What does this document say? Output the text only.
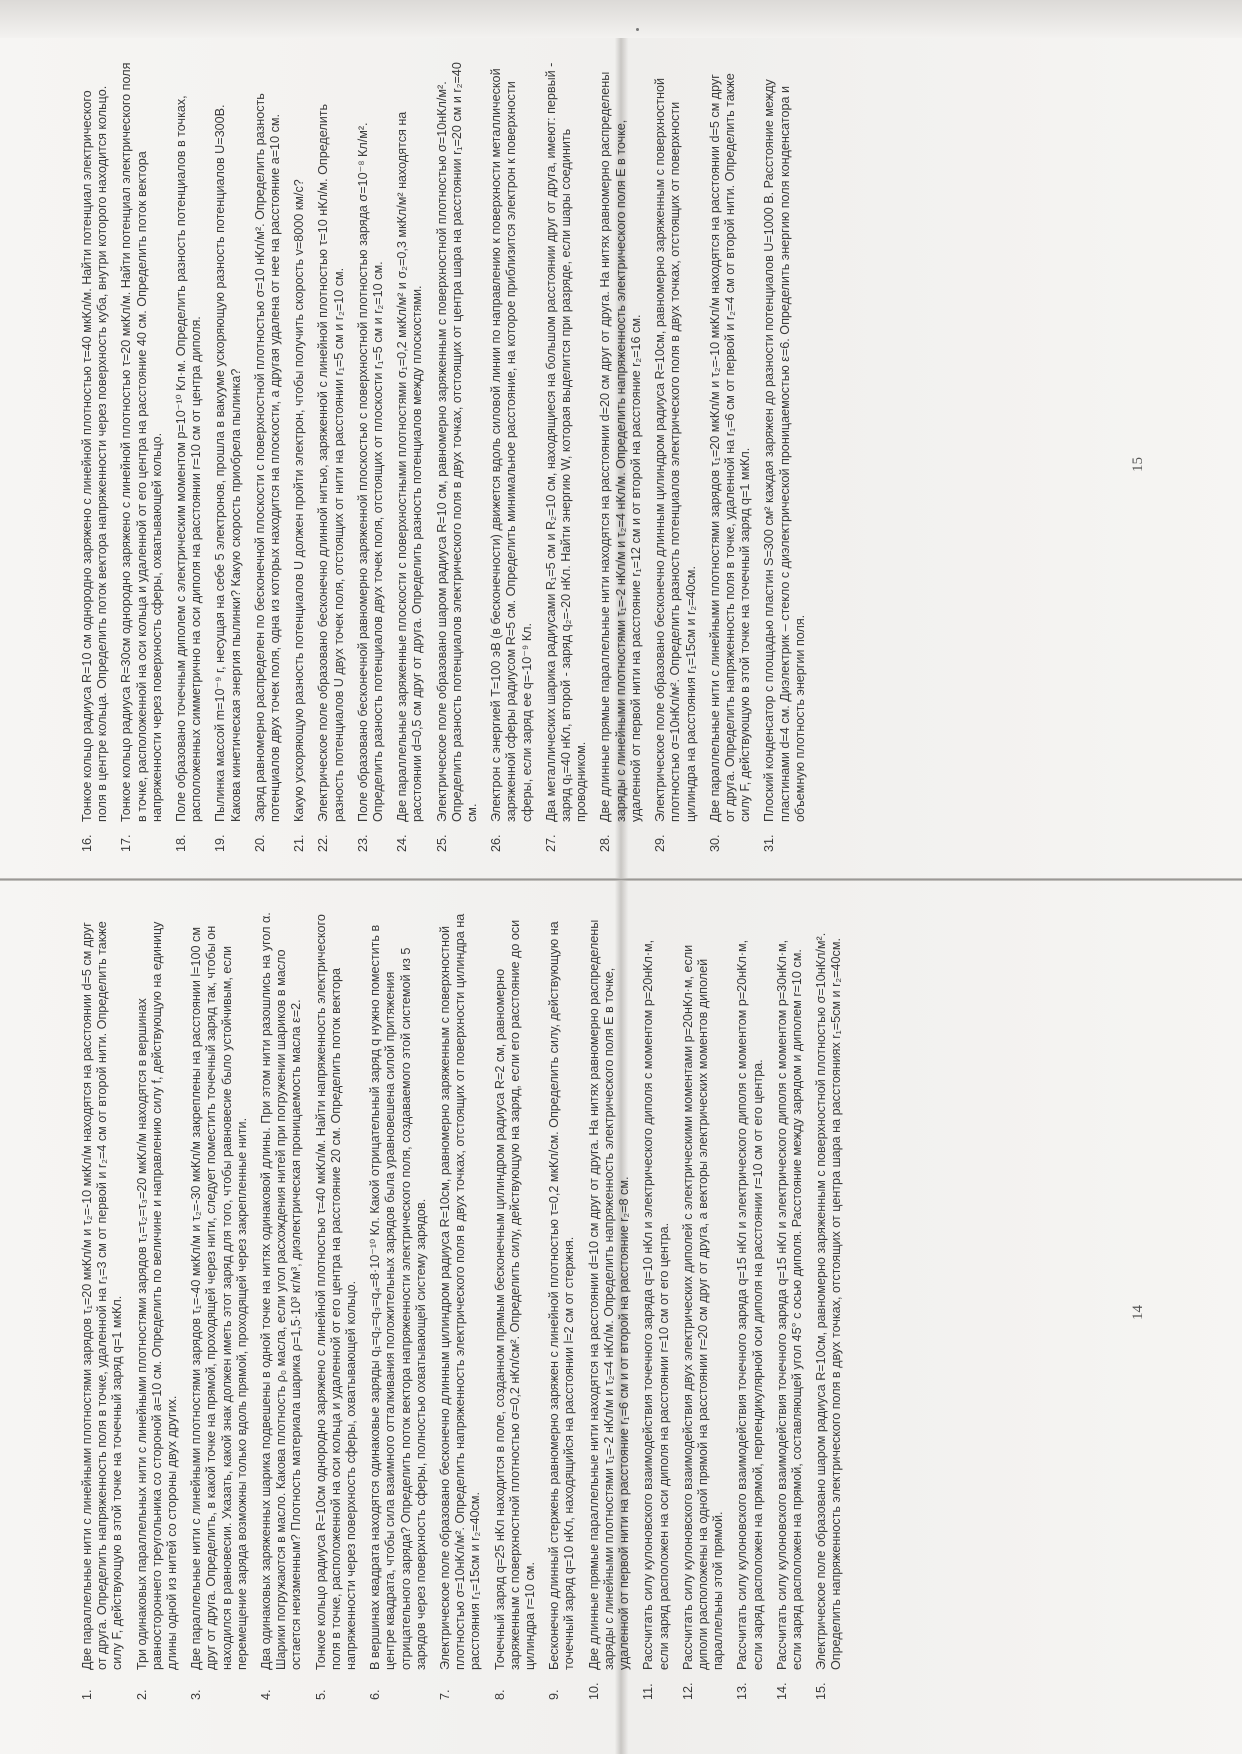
1.
Две параллельные нити с линейными плотностями зарядов τ₁=20 мкКл/м и τ₂=-10 мкКл/м находятся на расстоянии d=5 см друг от друга. Определить напряженность поля в точке, удаленной на r₁=3 см от первой и r₂=4 см от второй нити. Определить также силу F, действующую в этой точке на точечный заряд q=1 мкКл.
2.
Три одинаковых параллельных нити с линейными плотностями зарядов τ₁=τ₂=τ₃=20 мкКл/м находятся в вершинах равностороннего треугольника со стороной a=10 см. Определить по величине и направлению силу f, действующую на единицу длины одной из нитей со стороны двух других.
3.
Две параллельные нити с линейными плотностями зарядов τ₁=-40 мкКл/м и τ₂=-30 мкКл/м закреплены на расстоянии l=100 см друг от друга. Определить, в какой точке на прямой, проходящей через нити, следует поместить точечный заряд так, чтобы он находился в равновесии. Указать, какой знак должен иметь этот заряд для того, чтобы равновесие было устойчивым, если перемещение заряда возможны только вдоль прямой, проходящей через закрепленные нити.
4.
Два одинаковых заряженных шарика подвешены в одной точке на нитях одинаковой длины. При этом нити разошлись на угол α. Шарики погружаются в масло. Какова плотность ρ₀ масла, если угол расхождения нитей при погружении шариков в масло остается неизменным? Плотность материала шарика ρ=1,5·10³ кг/м³, диэлектрическая проницаемость масла ε=2.
5.
Тонкое кольцо радиуса R=10см однородно заряжено с линейной плотностью τ=40 мкКл/м. Найти напряженность электрического поля в точке, расположенной на оси кольца и удаленной от его центра на расстояние 20 см. Определить поток вектора напряженности через поверхность сферы, охватывающей кольцо.
6.
В вершинах квадрата находятся одинаковые заряды q₁=q₂=q₃=q₄=8·10⁻¹⁰ Кл. Какой отрицательный заряд q нужно поместить в центре квадрата, чтобы сила взаимного отталкивания положительных зарядов была уравновешена силой притяжения отрицательного заряда? Определить поток вектора напряженности электрического поля, создаваемого этой системой из 5 зарядов через поверхность сферы, полностью охватывающей систему зарядов.
7.
Электрическое поле образовано бесконечно длинным цилиндром радиуса R=10см, равномерно заряженным с поверхностной плотностью σ=10нКл/м². Определить напряженность электрического поля в двух точках, отстоящих от поверхности цилиндра на расстояния r₁=15см и r₂=40см.
8.
Точечный заряд q=25 нКл находится в поле, созданном прямым бесконечным цилиндром радиуса R=2 см, равномерно заряженным с поверхностной плотностью σ=0,2 нКл/см². Определить силу, действующую на заряд, если его расстояние до оси цилиндра r=10 см.
9.
Бесконечно длинный стержень равномерно заряжен с линейной плотностью τ=0,2 мкКл/см. Определить силу, действующую на точечный заряд q=10 нКл, находящийся на расстоянии l=2 см от стержня.
10.
Две длинные прямые параллельные нити находятся на расстоянии d=10 см друг от друга. На нитях равномерно распределены заряды с линейными плотностями τ₁=-2 нКл/м и τ₂=4 нКл/м. Определить напряженность электрического поля E в точке, удаленной от первой нити на расстояние r₁=6 см и от второй на расстояние r₂=8 см.
11.
Рассчитать силу кулоновского взаимодействия точечного заряда q=10 нКл и электрического диполя с моментом p=20нКл·м, если заряд расположен на оси диполя на расстоянии r=10 см от его центра.
12.
Рассчитать силу кулоновского взаимодействия двух электрических диполей с электрическими моментами p=20нКл·м, если диполи расположены на одной прямой на расстоянии r=20 см друг от друга, а векторы электрических моментов диполей параллельны этой прямой.
13.
Рассчитать силу кулоновского взаимодействия точечного заряда q=15 нКл и электрического диполя с моментом p=20нКл·м, если заряд расположен на прямой, перпендикулярной оси диполя на расстоянии r=10 см от его центра.
14.
Рассчитать силу кулоновского взаимодействия точечного заряда q=15 нКл и электрического диполя с моментом p=30нКл·м, если заряд расположен на прямой, составляющей угол 45° с осью диполя. Расстояние между зарядом и диполем r=10 см.
15.
Электрическое поле образовано шаром радиуса R=10см, равномерно заряженным с поверхностной плотностью σ=10нКл/м². Определить напряженность электрического поля в двух точках, отстоящих от центра шара на расстояниях r₁=5см и r₂=40см.	14
16.
Тонкое кольцо радиуса R=10 см однородно заряжено с линейной плотностью τ=40 мкКл/м. Найти потенциал электрического поля в центре кольца. Определить поток вектора напряженности через поверхность куба, внутри которого находится кольцо.
17.
Тонкое кольцо радиуса R=30см однородно заряжено с линейной плотностью τ=20 мкКл/м. Найти потенциал электрического поля в точке, расположенной на оси кольца и удаленной от его центра на расстояние 40 см. Определить поток вектора напряженности через поверхность сферы, охватывающей кольцо.
18.
Поле образовано точечным диполем с электрическим моментом p=10⁻¹⁰ Кл·м. Определить разность потенциалов в точках, расположенных симметрично на оси диполя на расстоянии r=10 см от центра диполя.
19.
Пылинка массой m=10⁻⁹ г, несущая на себе 5 электронов, прошла в вакууме ускоряющую разность потенциалов U=300В. Какова кинетическая энергия пылинки? Какую скорость приобрела пылинка?
20.
Заряд равномерно распределен по бесконечной плоскости с поверхностной плотностью σ=10 нКл/м². Определить разность потенциалов двух точек поля, одна из которых находится на плоскости, а другая удалена от нее на расстояние a=10 см.
21.
Какую ускоряющую разность потенциалов U должен пройти электрон, чтобы получить скорость v=8000 км/с?
22.
Электрическое поле образовано бесконечно длинной нитью, заряженной с линейной плотностью τ=10 нКл/м. Определить разность потенциалов U двух точек поля, отстоящих от нити на расстоянии r₁=5 см и r₂=10 см.
23.
Поле образовано бесконечной равномерно заряженной плоскостью с поверхностной плотностью заряда σ=10⁻⁸ Кл/м². Определить разность потенциалов двух точек поля, отстоящих от плоскости r₁=5 см и r₂=10 см.
24.
Две параллельные заряженные плоскости с поверхностными плотностями σ₁=0,2 мкКл/м² и σ₂=0,3 мкКл/м² находятся на расстоянии d=0,5 см друг от друга. Определить разность потенциалов между плоскостями.
25.
Электрическое поле образовано шаром радиуса R=10 см, равномерно заряженным с поверхностной плотностью σ=10нКл/м². Определить разность потенциалов электрического поля в двух точках, отстоящих от центра шара на расстоянии r₁=20 см и r₂=40 см.
26.
Электрон с энергией T=100 эВ (в бесконечности) движется вдоль силовой линии по направлению к поверхности металлической заряженной сферы радиусом R=5 см. Определить минимальное расстояние, на которое приблизится электрон к поверхности сферы, если заряд ее q=-10⁻⁹ Кл.
27.
Два металлических шарика радиусами R₁=5 см и R₂=10 см, находящиеся на большом расстоянии друг от друга, имеют: первый - заряд q₁=40 нКл, второй - заряд q₂=-20 нКл. Найти энергию W, которая выделится при разряде, если шары соединить проводником.
28.
Две длинные прямые параллельные нити находятся на расстоянии d=20 см друг от друга. На нитях равномерно распределены заряды с линейными плотностями τ₁=-2 нКл/м и τ₂=4 нКл/м. Определить напряженность электрического поля E в точке, удаленной от первой нити на расстояние r₁=12 см и от второй на расстояние r₂=16 см.
29.
Электрическое поле образовано бесконечно длинным цилиндром радиуса R=10см, равномерно заряженным с поверхностной плотностью σ=10нКл/м². Определить разность потенциалов электрического поля в двух точках, отстоящих от поверхности цилиндра на расстояния r₁=15см и r₂=40см.
30.
Две параллельные нити с линейными плотностями зарядов τ₁=20 мкКл/м и τ₂=-10 мкКл/м находятся на расстоянии d=5 см друг от друга. Определить напряженность поля в точке, удаленной на r₁=6 см от первой и r₂=4 см от второй нити. Определить также силу F, действующую в этой точке на точечный заряд q=1 мкКл.
31.
Плоский конденсатор с площадью пластин S=300 см² каждая заряжен до разности потенциалов U=1000 В. Расстояние между пластинами d=4 см. Диэлектрик – стекло с диэлектрической проницаемостью ε=6. Определить энергию поля конденсатора и объемную плотность энергии поля.
15
